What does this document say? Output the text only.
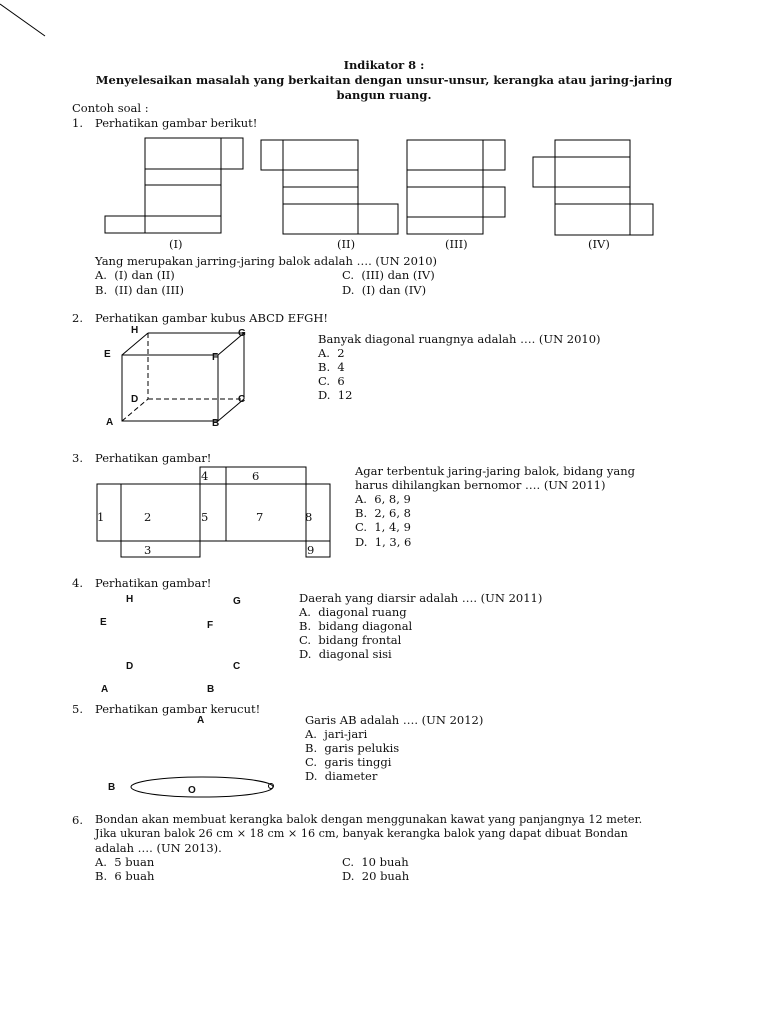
Indikator 8 :
Menyelesaikan masalah yang berkaitan dengan unsur-unsur, kerangka atau jaring-jaring
bangun ruang.
Contoh soal :
1. Perhatikan gambar berikut!
(I)	(II)	(III)	(IV)
Yang merupakan jarring-jaring balok adalah …. (UN 2010)
A. (I) dan (II)
B. (II) dan (III)
C. (III) dan (IV)
D. (I) dan (IV)
2. Perhatikan gambar kubus ABCD EFGH!
H	G
E	F
D	C
A	B
Banyak diagonal ruangnya adalah …. (UN 2010)
A. 2
B. 4
C. 6
D. 12
3. Perhatikan gambar!
1	2
3
4
5
6
7	8
9
Agar terbentuk jaring-jaring balok, bidang yang
harus dihilangkan bernomor …. (UN 2011)
A. 6, 8, 9
B. 2, 6, 8
C. 1, 4, 9
D. 1, 3, 6
4. Perhatikan gambar!
H	G
E	F
D	C
A	B
Daerah yang diarsir adalah …. (UN 2011)
A. diagonal ruang
B. bidang diagonal
C. bidang frontal
D. diagonal sisi
5. Perhatikan gambar kerucut!
A
B	O
Garis AB adalah …. (UN 2012)
A. jari-jari
B. garis pelukis
C. garis tinggi
D. diameter
6. Bondan akan membuat kerangka balok dengan menggunakan kawat yang panjangnya 12 meter.
Jika ukuran balok 26 cm × 18 cm × 16 cm, banyak kerangka balok yang dapat dibuat Bondan
adalah …. (UN 2013).
A. 5 buan
B. 6 buah
C. 10 buah
D. 20 buah
